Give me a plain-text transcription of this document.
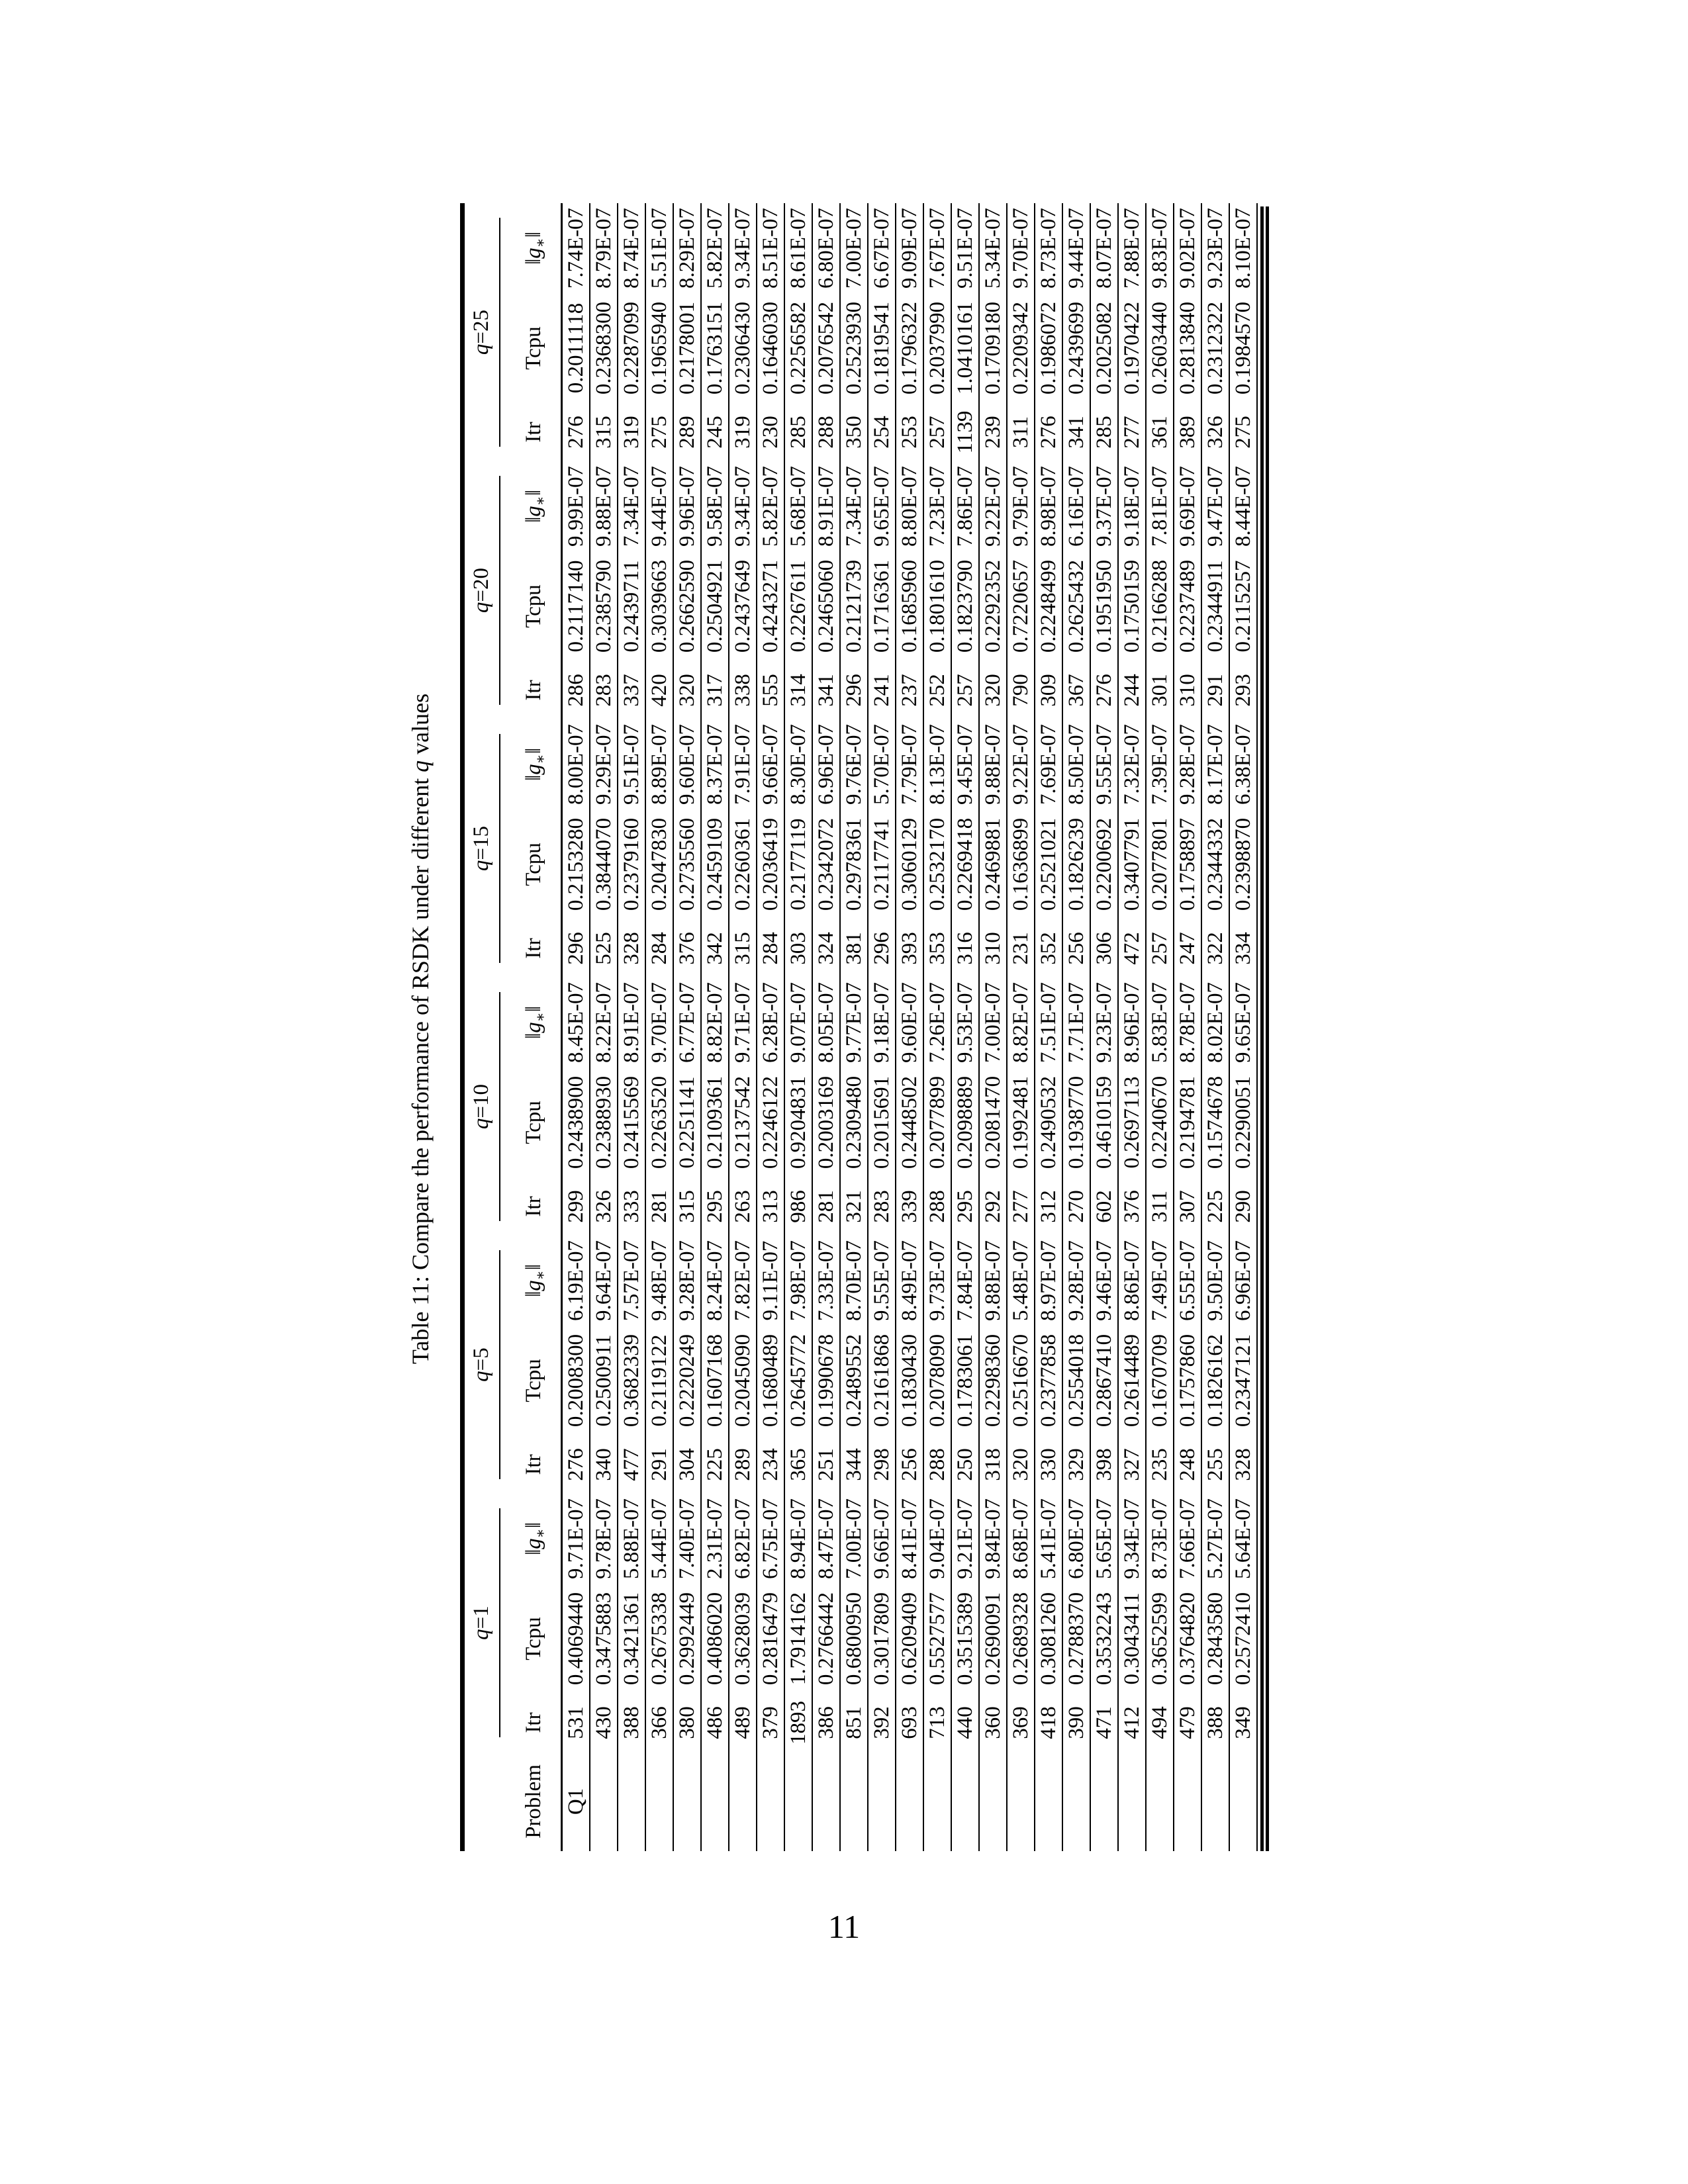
Table 11: Compare the performance of RSDK under different q values

	q=1			q=5			q=10			q=15			q=20			q=25		

Problem	Itr	Tcpu	$‖g_∗‖$	Itr	Tcpu	$‖g_∗‖$	Itr	Tcpu	$‖g_∗‖$	Itr	Tcpu	$‖g_∗‖$	Itr	Tcpu	$‖g_∗‖$	Itr	Tcpu	$‖g_∗‖$
Q1	531	0.4069440	9.71E-07	276	0.2008300	6.19E-07	299	0.2438900	8.45E-07	296	0.2153280	8.00E-07	286	0.2117140	9.99E-07	276	0.2011118	7.74E-07
	430	0.3475883	9.78E-07	340	0.2500911	9.64E-07	326	0.2388930	8.22E-07	525	0.3844070	9.29E-07	283	0.2385790	9.88E-07	315	0.2368300	8.79E-07
	388	0.3421361	5.88E-07	477	0.3682339	7.57E-07	333	0.2415569	8.91E-07	328	0.2379160	9.51E-07	337	0.2439711	7.34E-07	319	0.2287099	8.74E-07
	366	0.2675338	5.44E-07	291	0.2119122	9.48E-07	281	0.2263520	9.70E-07	284	0.2047830	8.89E-07	420	0.3039663	9.44E-07	275	0.1965940	5.51E-07
	380	0.2992449	7.40E-07	304	0.2220249	9.28E-07	315	0.2251141	6.77E-07	376	0.2735560	9.60E-07	320	0.2662590	9.96E-07	289	0.2178001	8.29E-07
	486	0.4086020	2.31E-07	225	0.1607168	8.24E-07	295	0.2109361	8.82E-07	342	0.2459109	8.37E-07	317	0.2504921	9.58E-07	245	0.1763151	5.82E-07
	489	0.3628039	6.82E-07	289	0.2045090	7.82E-07	263	0.2137542	9.71E-07	315	0.2260361	7.91E-07	338	0.2437649	9.34E-07	319	0.2306430	9.34E-07
	379	0.2816479	6.75E-07	234	0.1680489	9.11E-07	313	0.2246122	6.28E-07	284	0.2036419	9.66E-07	555	0.4243271	5.82E-07	230	0.1646030	8.51E-07
	1893	1.7914162	8.94E-07	365	0.2645772	7.98E-07	986	0.9204831	9.07E-07	303	0.2177119	8.30E-07	314	0.2267611	5.68E-07	285	0.2256582	8.61E-07
	386	0.2766442	8.47E-07	251	0.1990678	7.33E-07	281	0.2003169	8.05E-07	324	0.2342072	6.96E-07	341	0.2465060	8.91E-07	288	0.2076542	6.80E-07
	851	0.6800950	7.00E-07	344	0.2489552	8.70E-07	321	0.2309480	9.77E-07	381	0.2978361	9.76E-07	296	0.2121739	7.34E-07	350	0.2523930	7.00E-07
	392	0.3017809	9.66E-07	298	0.2161868	9.55E-07	283	0.2015691	9.18E-07	296	0.2117741	5.70E-07	241	0.1716361	9.65E-07	254	0.1819541	6.67E-07
	693	0.6209409	8.41E-07	256	0.1830430	8.49E-07	339	0.2448502	9.60E-07	393	0.3060129	7.79E-07	237	0.1685960	8.80E-07	253	0.1796322	9.09E-07
	713	0.5527577	9.04E-07	288	0.2078090	9.73E-07	288	0.2077899	7.26E-07	353	0.2532170	8.13E-07	252	0.1801610	7.23E-07	257	0.2037990	7.67E-07
	440	0.3515389	9.21E-07	250	0.1783061	7.84E-07	295	0.2098889	9.53E-07	316	0.2269418	9.45E-07	257	0.1823790	7.86E-07	1139	1.0410161	9.51E-07
	360	0.2690091	9.84E-07	318	0.2298360	9.88E-07	292	0.2081470	7.00E-07	310	0.2469881	9.88E-07	320	0.2292352	9.22E-07	239	0.1709180	5.34E-07
	369	0.2689328	8.68E-07	320	0.2516670	5.48E-07	277	0.1992481	8.82E-07	231	0.1636899	9.22E-07	790	0.7220657	9.79E-07	311	0.2209342	9.70E-07
	418	0.3081260	5.41E-07	330	0.2377858	8.97E-07	312	0.2490532	7.51E-07	352	0.2521021	7.69E-07	309	0.2248499	8.98E-07	276	0.1986072	8.73E-07
	390	0.2788370	6.80E-07	329	0.2554018	9.28E-07	270	0.1938770	7.71E-07	256	0.1826239	8.50E-07	367	0.2625432	6.16E-07	341	0.2439699	9.44E-07
	471	0.3532243	5.65E-07	398	0.2867410	9.46E-07	602	0.4610159	9.23E-07	306	0.2200692	9.55E-07	276	0.1951950	9.37E-07	285	0.2025082	8.07E-07
	412	0.3043411	9.34E-07	327	0.2614489	8.86E-07	376	0.2697113	8.96E-07	472	0.3407791	7.32E-07	244	0.1750159	9.18E-07	277	0.1970422	7.88E-07
	494	0.3652599	8.73E-07	235	0.1670709	7.49E-07	311	0.2240670	5.83E-07	257	0.2077801	7.39E-07	301	0.2166288	7.81E-07	361	0.2603440	9.83E-07
	479	0.3764820	7.66E-07	248	0.1757860	6.55E-07	307	0.2194781	8.78E-07	247	0.1758897	9.28E-07	310	0.2237489	9.69E-07	389	0.2813840	9.02E-07
	388	0.2843580	5.27E-07	255	0.1826162	9.50E-07	225	0.1574678	8.02E-07	322	0.2344332	8.17E-07	291	0.2344911	9.47E-07	326	0.2312322	9.23E-07
	349	0.2572410	5.64E-07	328	0.2347121	6.96E-07	290	0.2290051	9.65E-07	334	0.2398870	6.38E-07	293	0.2115257	8.44E-07	275	0.1984570	8.10E-07
11
